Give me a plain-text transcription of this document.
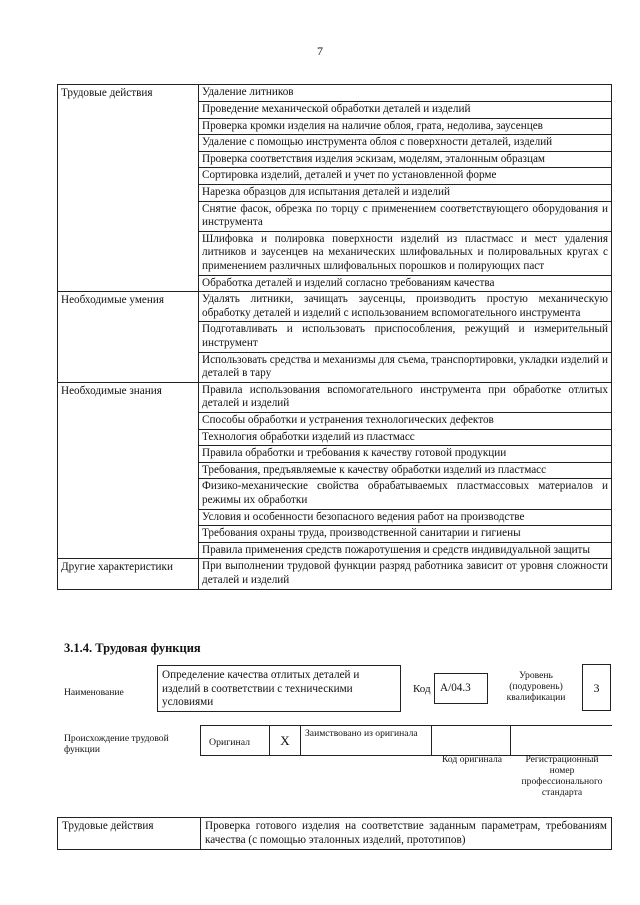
7
Трудовые действия	Удаление литников
	Проведение механической обработки деталей и изделий
	Проверка кромки изделия на наличие облоя, грата, недолива, заусенцев
	Удаление с помощью инструмента облоя с поверхности деталей, изделий
	Проверка соответствия изделия эскизам, моделям, эталонным образцам
	Сортировка изделий, деталей и учет по установленной форме
	Нарезка образцов для испытания деталей и изделий
	Снятие фасок, обрезка по торцу с применением соответствующего оборудования и инструмента
	Шлифовка и полировка поверхности изделий из пластмасс и мест удаления литников и заусенцев на механических шлифовальных и полировальных кругах с применением различных шлифовальных порошков и полирующих паст
	Обработка деталей и изделий согласно требованиям качества
Необходимые умения	Удалять литники, зачищать заусенцы, производить простую механическую обработку деталей и изделий с использованием вспомогательного инструмента
	Подготавливать и использовать приспособления, режущий и измерительный инструмент
	Использовать средства и механизмы для съема, транспортировки, укладки изделий и деталей в тару
Необходимые знания	Правила использования вспомогательного инструмента при обработке отлитых деталей и изделий
	Способы обработки и устранения технологических дефектов
	Технология обработки изделий из пластмасс
	Правила обработки и требования к качеству готовой продукции
	Требования, предъявляемые к качеству обработки изделий из пластмасс
	Физико-механические свойства обрабатываемых пластмассовых материалов и режимы их обработки
	Условия и особенности безопасного ведения работ на производстве
	Требования охраны труда, производственной санитарии и гигиены
	Правила применения средств пожаротушения и средств индивидуальной защиты
Другие характеристики	При выполнении трудовой функции разряд работника зависит от уровня сложности деталей и изделий
3.1.4. Трудовая функция
Наименование
Определение качества отлитых деталей и изделий в соответствии с техническими условиями
Код A/04.3
Уровень (подуровень) квалификации
3
Происхождение трудовой функции
Оригинал	X	Заимствовано из оригинала
Код оригинала	Регистрационный номер профессионального стандарта
Трудовые действия	Проверка готового изделия на соответствие заданным параметрам, требованиям качества (с помощью эталонных изделий, прототипов)
